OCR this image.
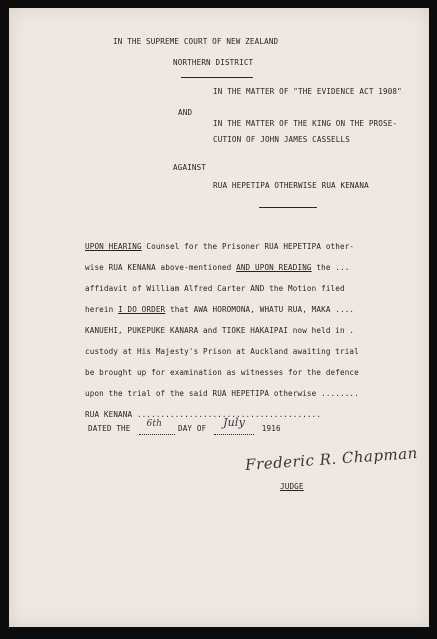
IN THE SUPREME COURT OF NEW ZEALAND
NORTHERN DISTRICT
IN THE MATTER OF "THE EVIDENCE ACT 1908"
AND
IN THE MATTER OF THE KING ON THE PROSE-
CUTION OF JOHN JAMES CASSELLS
AGAINST
RUA HEPETIPA OTHERWISE RUA KENANA
UPON HEARING Counsel for the Prisoner RUA HEPETIPA other-
wise RUA KENANA above-mentioned AND UPON READING the ...
affidavit of William Alfred Carter AND the Motion filed
herein I DO ORDER that AWA HOROMONA, WHATU RUA, MAKA ....
KANUEHI, PUKEPUKE KANARA and TIOKE HAKAIPAI now held in .
custody at His Majesty's Prison at Auckland awaiting trial
be brought up for examination as witnesses for the defence
upon the trial of the said RUA HEPETIPA otherwise ........
RUA KENANA .......................................
DATED THE 6th DAY OF July 1916
Frederic R. Chapman
JUDGE
